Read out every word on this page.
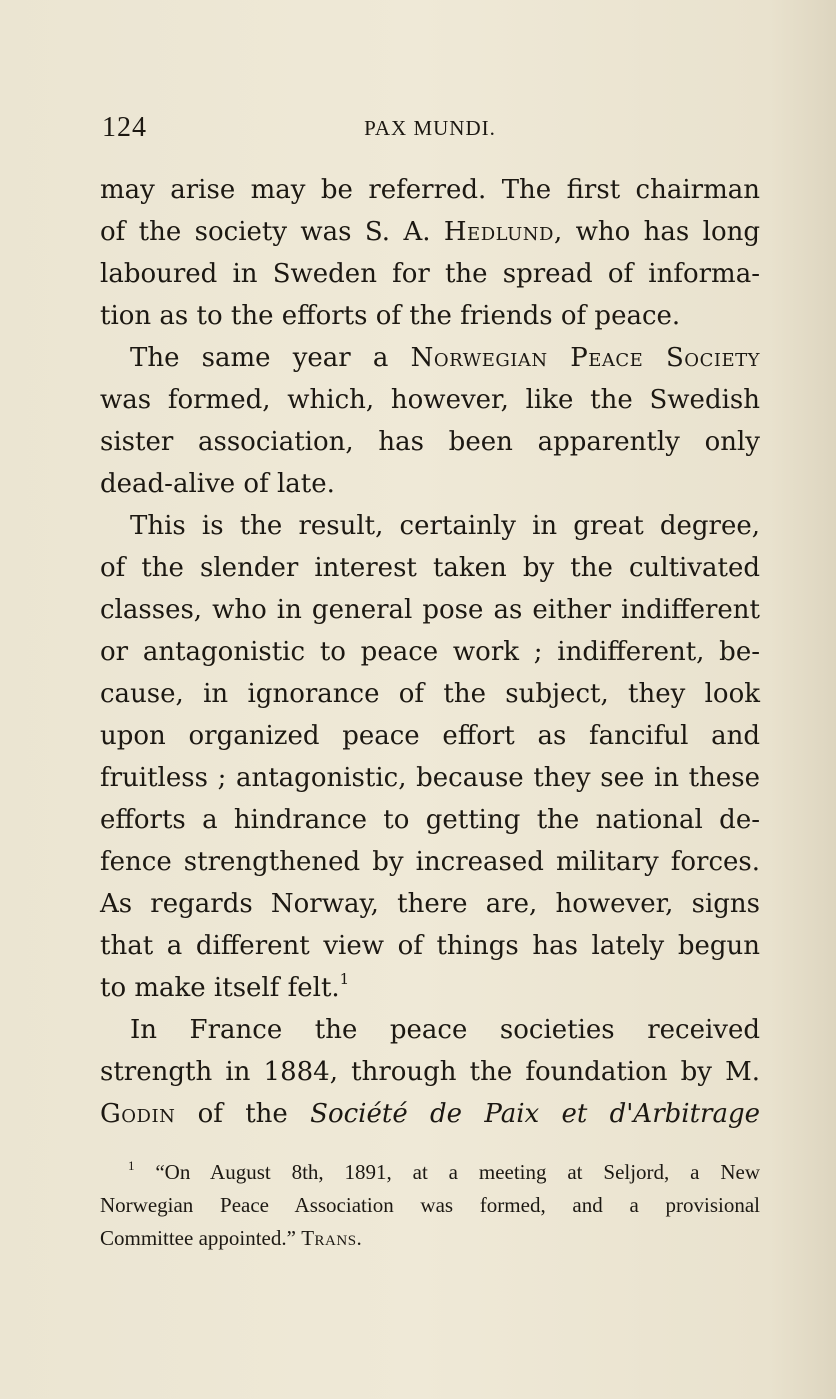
124	PAX MUNDI.
may arise may be referred. The first chairman
of the society was S. A. Hedlund, who has long
laboured in Sweden for the spread of informa-
tion as to the efforts of the friends of peace.
The same year a Norwegian Peace Society
was formed, which, however, like the Swedish
sister association, has been apparently only
dead-alive of late.
This is the result, certainly in great degree,
of the slender interest taken by the cultivated
classes, who in general pose as either indifferent
or antagonistic to peace work ; indifferent, be-
cause, in ignorance of the subject, they look
upon organized peace effort as fanciful and
fruitless ; antagonistic, because they see in these
efforts a hindrance to getting the national de-
fence strengthened by increased military forces.
As regards Norway, there are, however, signs
that a different view of things has lately begun
to make itself felt.$^1$
In France the peace societies received
strength in 1884, through the foundation by M.
Godin of the Société de Paix et d'Arbitrage
$^1$ “On August 8th, 1891, at a meeting at Seljord, a New
Norwegian Peace Association was formed, and a provisional
Committee appointed.” Trans.
